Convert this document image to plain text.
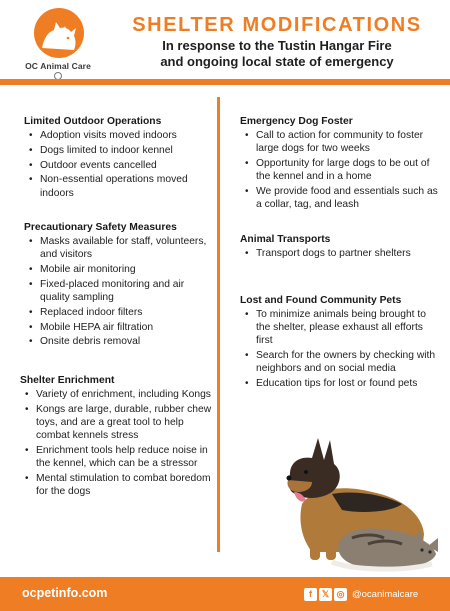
OC Animal Care
SHELTER MODIFICATIONS
In response to the Tustin Hangar Fire
and ongoing local state of emergency
Limited Outdoor Operations
• Adoption visits moved indoors
• Dogs limited to indoor kennel
• Outdoor events cancelled
• Non-essential operations moved indoors
Precautionary Safety Measures
• Masks available for staff, volunteers, and visitors
• Mobile air monitoring
• Fixed-placed monitoring and air quality sampling
• Replaced indoor filters
• Mobile HEPA air filtration
• Onsite debris removal
Shelter Enrichment
• Variety of enrichment, including Kongs
• Kongs are large, durable, rubber chew toys, and are a great tool to help combat kennels stress
• Enrichment tools help reduce noise in the kennel, which can be a stressor
• Mental stimulation to combat boredom for the dogs
Emergency Dog Foster
• Call to action for community to foster large dogs for two weeks
• Opportunity for large dogs to be out of the kennel and in a home
• We provide food and essentials such as a collar, tag, and leash
Animal Transports
• Transport dogs to partner shelters
Lost and Found Community Pets
• To minimize animals being brought to the shelter, please exhaust all efforts first
• Search for the owners by checking with neighbors and on social media
• Education tips for lost or found pets
ocpetinfo.com	f	𝕏 ◎ @ocanimalcare
